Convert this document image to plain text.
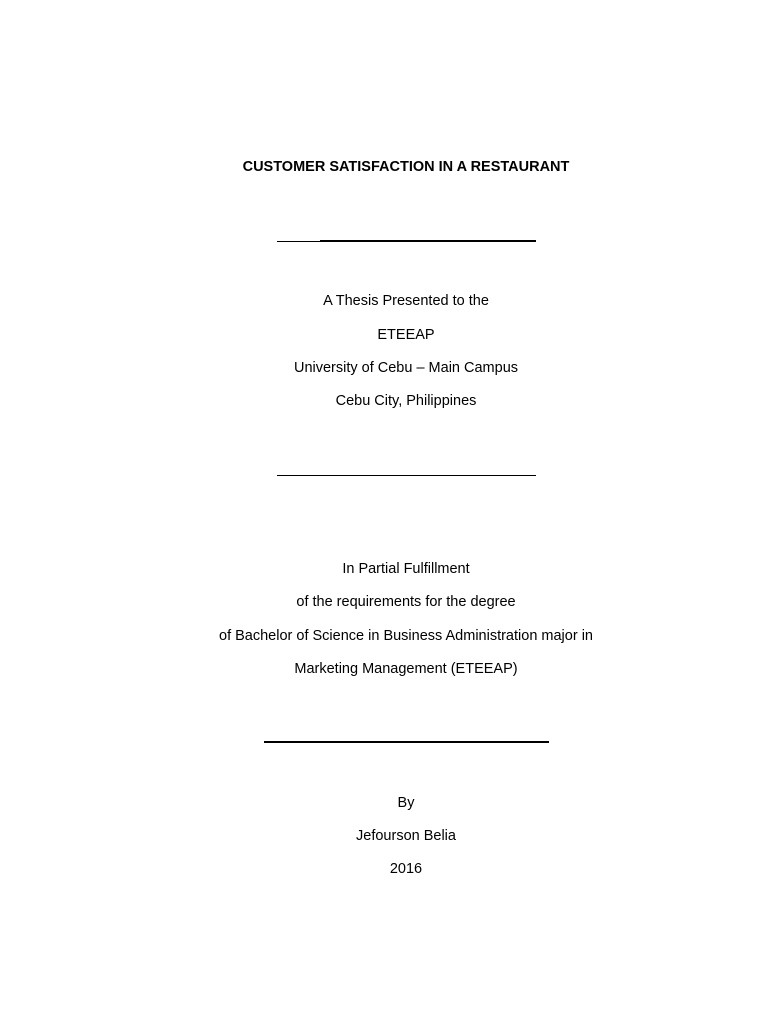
CUSTOMER SATISFACTION IN A RESTAURANT
A Thesis Presented to the
ETEEAP
University of Cebu – Main Campus
Cebu City, Philippines
In Partial Fulfillment
of the requirements for the degree
of Bachelor of Science in Business Administration major in
Marketing Management (ETEEAP)
By
Jefourson Belia
2016
